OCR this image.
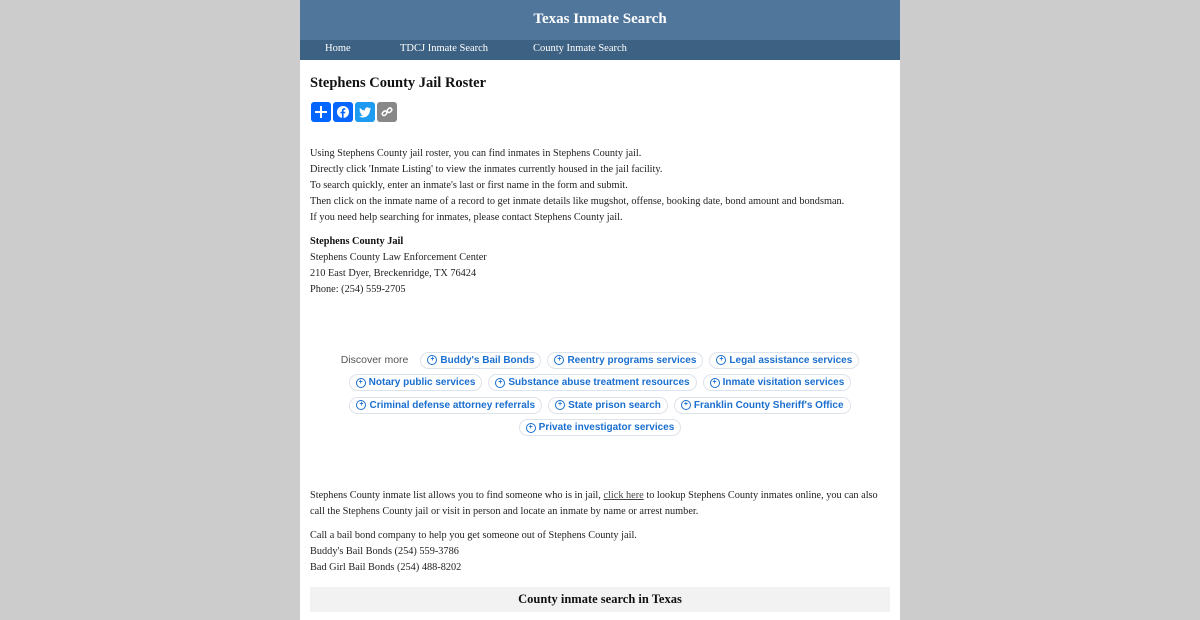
Texas Inmate Search
Home	TDCJ Inmate Search	County Inmate Search
Stephens County Jail Roster
Using Stephens County jail roster, you can find inmates in Stephens County jail.
Directly click 'Inmate Listing' to view the inmates currently housed in the jail facility.
To search quickly, enter an inmate's last or first name in the form and submit.
Then click on the inmate name of a record to get inmate details like mugshot, offense, booking date, bond amount and bondsman.
If you need help searching for inmates, please contact Stephens County jail.
Stephens County Jail
Stephens County Law Enforcement Center
210 East Dyer, Breckenridge, TX 76424
Phone: (254) 559-2705
Discover more	+ Buddy's Bail Bonds	+ Reentry programs services	+ Legal assistance services
+ Notary public services	+ Substance abuse treatment resources	+ Inmate visitation services
+ Criminal defense attorney referrals	+ State prison search	+ Franklin County Sheriff's Office
+ Private investigator services
Stephens County inmate list allows you to find someone who is in jail, click here to lookup Stephens County inmates online, you can also call the Stephens County jail or visit in person and locate an inmate by name or arrest number.
Call a bail bond company to help you get someone out of Stephens County jail.
Buddy's Bail Bonds (254) 559-3786
Bad Girl Bail Bonds (254) 488-8202
County inmate search in Texas
